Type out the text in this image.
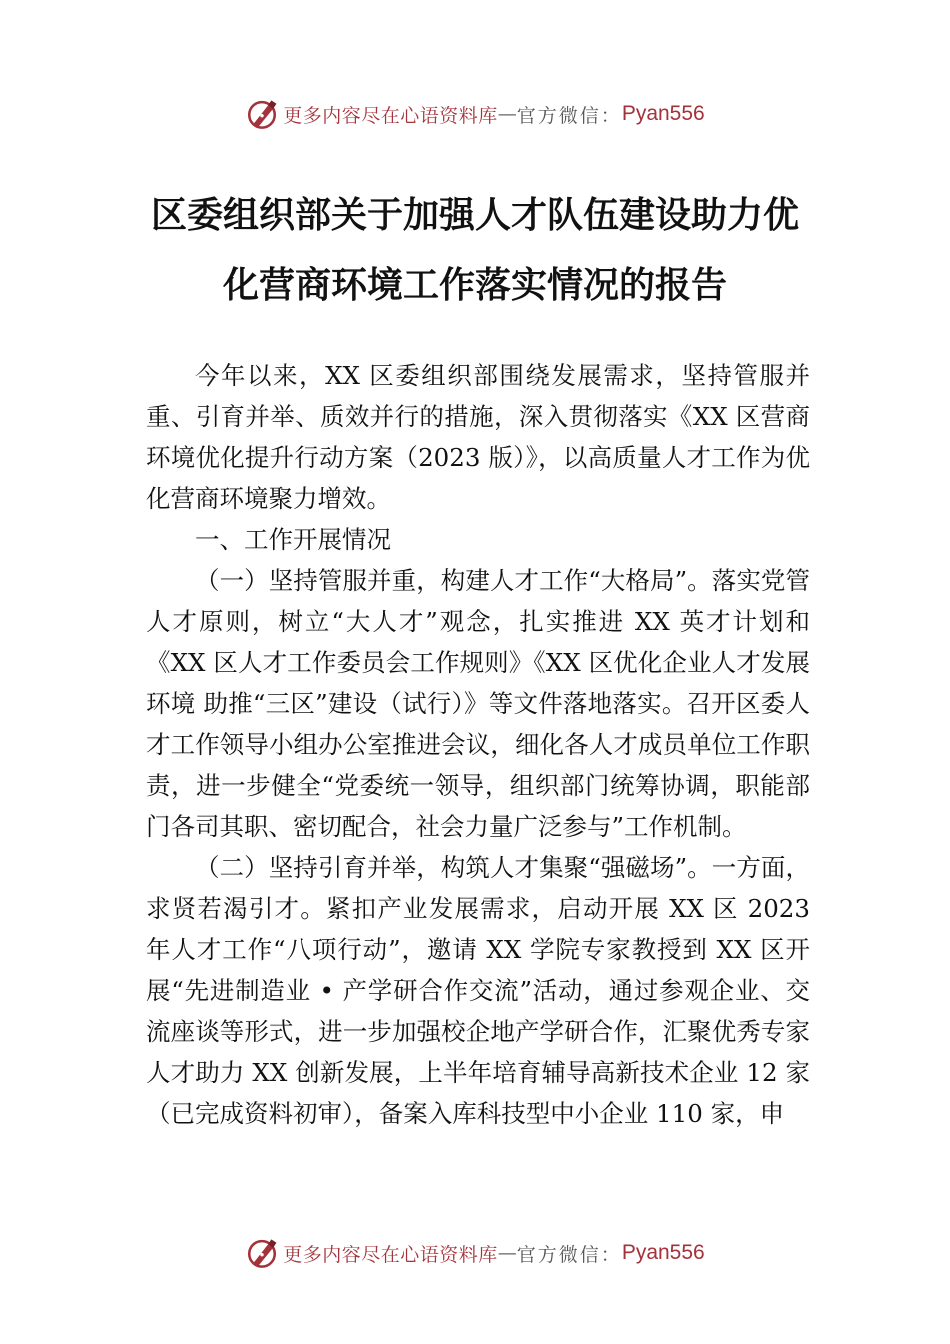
更多内容尽在心语资料库 — 官方微信： Pyan556
区委组织部关于加强人才队伍建设助力优
化营商环境工作落实情况的报告

今年以来，XX 区委组织部围绕发展需求，坚持管服并重、引育并举、质效并行的措施，深入贯彻落实《XX 区营商环境优化提升行动方案（2023 版）》，以高质量人才工作为优化营商环境聚力增效。

一、工作开展情况

（一）坚持管服并重，构建人才工作“大格局”。落实党管人才原则，树立“大人才”观念，扎实推进 XX 英才计划和《XX 区人才工作委员会工作规则》《XX 区优化企业人才发展环境 助推“三区”建设（试行）》等文件落地落实。召开区委人才工作领导小组办公室推进会议，细化各人才成员单位工作职责，进一步健全“党委统一领导，组织部门统筹协调，职能部门各司其职、密切配合，社会力量广泛参与”工作机制。

（二）坚持引育并举，构筑人才集聚“强磁场”。一方面，求贤若渴引才。紧扣产业发展需求，启动开展 XX 区 2023 年人才工作“八项行动”，邀请 XX 学院专家教授到 XX 区开展“先进制造业 • 产学研合作交流”活动，通过参观企业、交流座谈等形式，进一步加强校企地产学研合作，汇聚优秀专家人才助力 XX 创新发展，上半年培育辅导高新技术企业 12 家（已完成资料初审），备案入库科技型中小企业 110 家，申

更多内容尽在心语资料库 — 官方微信： Pyan556
